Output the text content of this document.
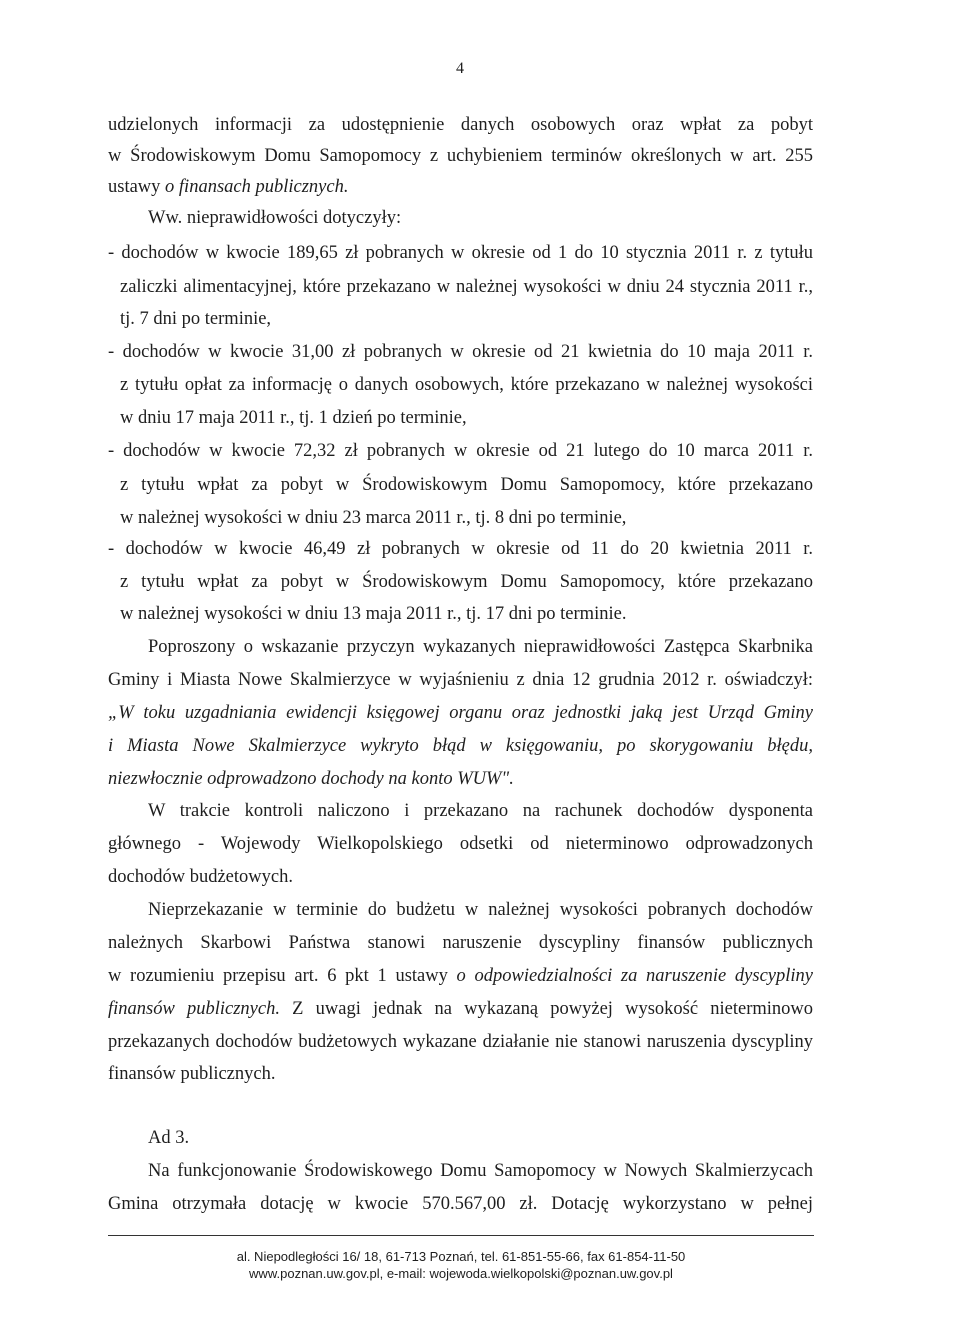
4
udzielonych informacji za udostępnienie danych osobowych oraz wpłat za pobyt
w Środowiskowym Domu Samopomocy z uchybieniem terminów określonych w art. 255
ustawy o finansach publicznych.
Ww. nieprawidłowości dotyczyły:
- dochodów w kwocie 189,65 zł pobranych w okresie od 1 do 10 stycznia 2011 r. z tytułu
zaliczki alimentacyjnej, które przekazano w należnej wysokości w dniu 24 stycznia 2011 r.,
tj. 7 dni po terminie,
- dochodów w kwocie 31,00 zł pobranych w okresie od 21 kwietnia do 10 maja 2011 r.
z tytułu opłat za informację o danych osobowych, które przekazano w należnej wysokości
w dniu 17 maja 2011 r., tj. 1 dzień po terminie,
- dochodów w kwocie 72,32 zł pobranych w okresie od 21 lutego do 10 marca 2011 r.
z tytułu wpłat za pobyt w Środowiskowym Domu Samopomocy, które przekazano
w należnej wysokości w dniu 23 marca 2011 r., tj. 8 dni po terminie,
- dochodów w kwocie 46,49 zł pobranych w okresie od 11 do 20 kwietnia 2011 r.
z tytułu wpłat za pobyt w Środowiskowym Domu Samopomocy, które przekazano
w należnej wysokości w dniu 13 maja 2011 r., tj. 17 dni po terminie.
Poproszony o wskazanie przyczyn wykazanych nieprawidłowości Zastępca Skarbnika
Gminy i Miasta Nowe Skalmierzyce w wyjaśnieniu z dnia 12 grudnia 2012 r. oświadczył:
„W toku uzgadniania ewidencji księgowej organu oraz jednostki jaką jest Urząd Gminy
i Miasta Nowe Skalmierzyce wykryto błąd w księgowaniu, po skorygowaniu błędu,
niezwłocznie odprowadzono dochody na konto WUW".
W trakcie kontroli naliczono i przekazano na rachunek dochodów dysponenta
głównego - Wojewody Wielkopolskiego odsetki od nieterminowo odprowadzonych
dochodów budżetowych.
Nieprzekazanie w terminie do budżetu w należnej wysokości pobranych dochodów
należnych Skarbowi Państwa stanowi naruszenie dyscypliny finansów publicznych
w rozumieniu przepisu art. 6 pkt 1 ustawy o odpowiedzialności za naruszenie dyscypliny
finansów publicznych. Z uwagi jednak na wykazaną powyżej wysokość nieterminowo
przekazanych dochodów budżetowych wykazane działanie nie stanowi naruszenia dyscypliny
finansów publicznych.
Ad 3.
Na funkcjonowanie Środowiskowego Domu Samopomocy w Nowych Skalmierzycach
Gmina otrzymała dotację w kwocie 570.567,00 zł. Dotację wykorzystano w pełnej
al. Niepodległości 16/ 18, 61-713 Poznań, tel. 61-851-55-66, fax 61-854-11-50
www.poznan.uw.gov.pl, e-mail: wojewoda.wielkopolski@poznan.uw.gov.pl
